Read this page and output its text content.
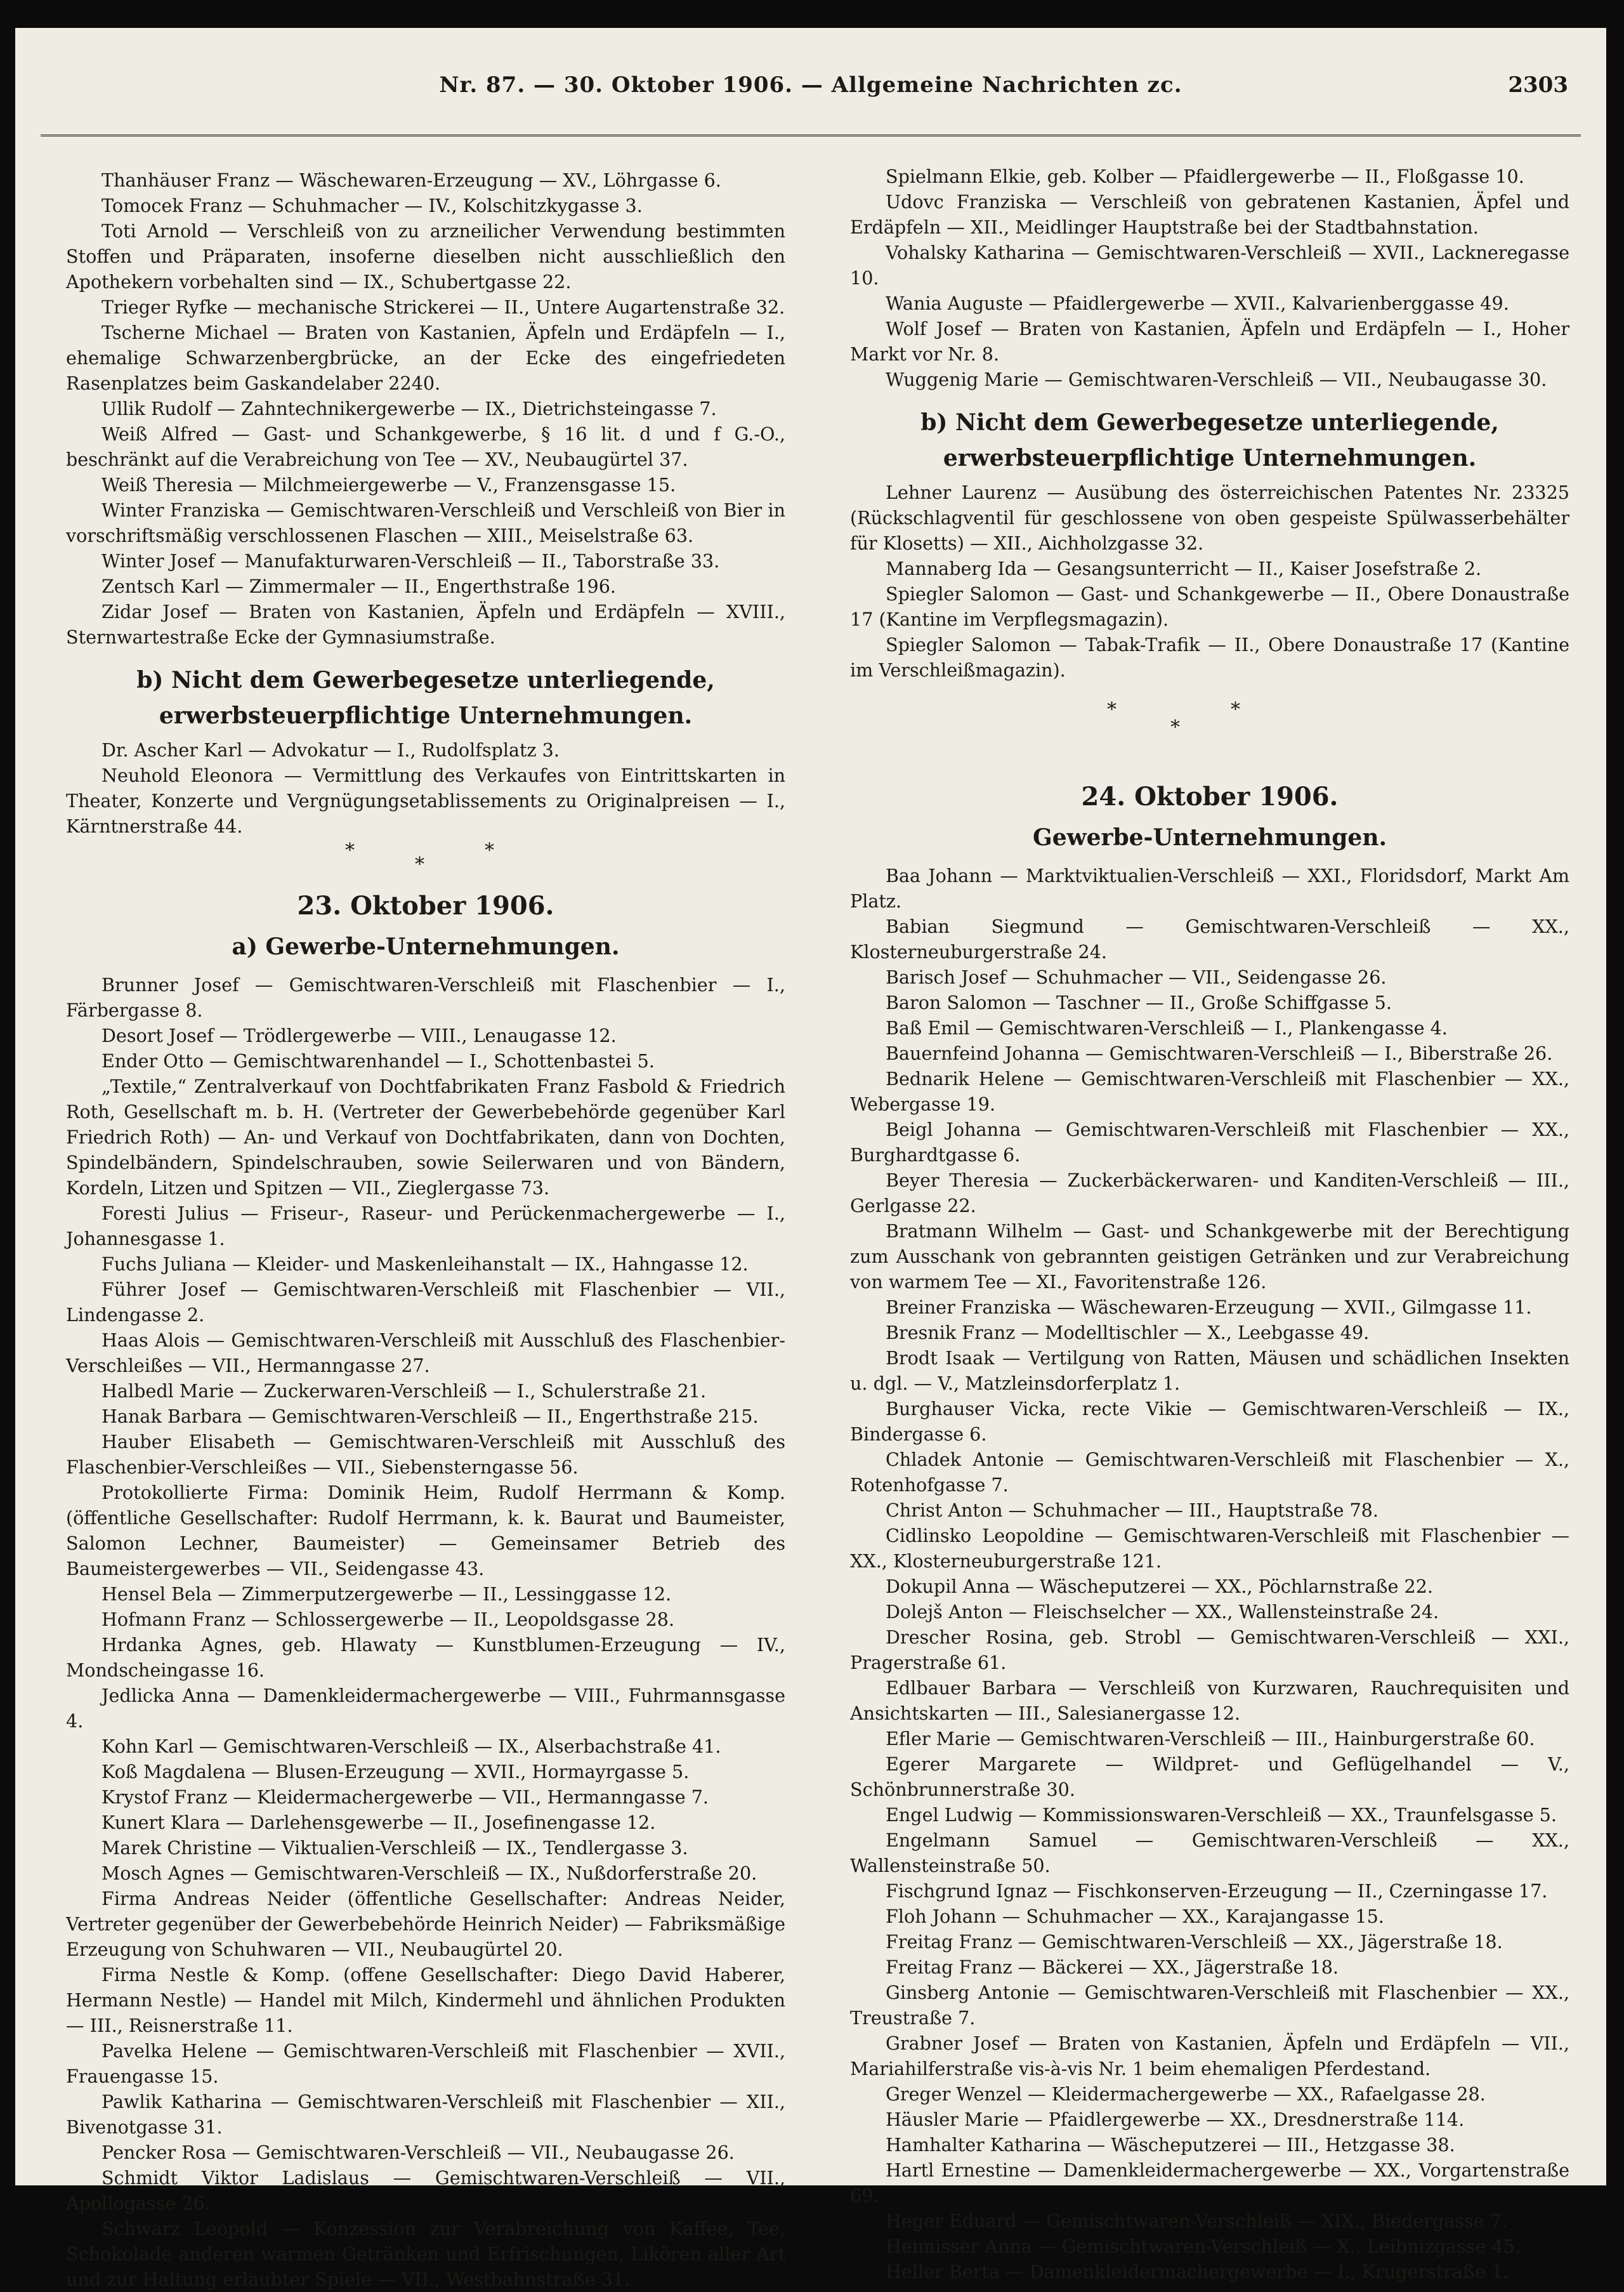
Nr. 87. — 30. Oktober 1906. — Allgemeine Nachrichten zc.	2303

Thanhäuser Franz — Wäschewaren-Erzeugung — XV., Löhrgasse 6.

Tomocek Franz — Schuhmacher — IV., Kolschitzkygasse 3.

Toti Arnold — Verschleiß von zu arzneilicher Verwendung bestimmten Stoffen und Präparaten, insoferne dieselben nicht ausschließlich den Apothekern vorbehalten sind — IX., Schubertgasse 22.

Trieger Ryfke — mechanische Strickerei — II., Untere Augartenstraße 32.

Tscherne Michael — Braten von Kastanien, Äpfeln und Erdäpfeln — I., ehemalige Schwarzenbergbrücke, an der Ecke des eingefriedeten Rasenplatzes beim Gaskandelaber 2240.

Ullik Rudolf — Zahntechnikergewerbe — IX., Dietrichsteingasse 7.

Weiß Alfred — Gast- und Schankgewerbe, § 16 lit. d und f G.-O., beschränkt auf die Verabreichung von Tee — XV., Neubaugürtel 37.

Weiß Theresia — Milchmeiergewerbe — V., Franzensgasse 15.

Winter Franziska — Gemischtwaren-Verschleiß und Verschleiß von Bier in vorschriftsmäßig verschlossenen Flaschen — XIII., Meiselstraße 63.

Winter Josef — Manufakturwaren-Verschleiß — II., Taborstraße 33.

Zentsch Karl — Zimmermaler — II., Engerthstraße 196.

Zidar Josef — Braten von Kastanien, Äpfeln und Erdäpfeln — XVIII., Sternwartestraße Ecke der Gymnasiumstraße.

b) Nicht dem Gewerbegesetze unterliegende, erwerbsteuerpflichtige Unternehmungen.

Dr. Ascher Karl — Advokatur — I., Rudolfsplatz 3.

Neuhold Eleonora — Vermittlung des Verkaufes von Eintrittskarten in Theater, Konzerte und Vergnügungsetablissements zu Originalpreisen — I., Kärntnerstraße 44.

*	*
*
23. Oktober 1906.
a) Gewerbe-Unternehmungen.

Brunner Josef — Gemischtwaren-Verschleiß mit Flaschenbier — I., Färbergasse 8.

Desort Josef — Trödlergewerbe — VIII., Lenaugasse 12.

Ender Otto — Gemischtwarenhandel — I., Schottenbastei 5.

„Textile,“ Zentralverkauf von Dochtfabrikaten Franz Fasbold & Friedrich Roth, Gesellschaft m. b. H. (Vertreter der Gewerbebehörde gegenüber Karl Friedrich Roth) — An- und Verkauf von Dochtfabrikaten, dann von Dochten, Spindelbändern, Spindelschrauben, sowie Seilerwaren und von Bändern, Kordeln, Litzen und Spitzen — VII., Zieglergasse 73.

Foresti Julius — Friseur-, Raseur- und Perückenmachergewerbe — I., Johannesgasse 1.

Fuchs Juliana — Kleider- und Maskenleihanstalt — IX., Hahngasse 12.

Führer Josef — Gemischtwaren-Verschleiß mit Flaschenbier — VII., Lindengasse 2.

Haas Alois — Gemischtwaren-Verschleiß mit Ausschluß des Flaschenbier-Verschleißes — VII., Hermanngasse 27.

Halbedl Marie — Zuckerwaren-Verschleiß — I., Schulerstraße 21.

Hanak Barbara — Gemischtwaren-Verschleiß — II., Engerthstraße 215.

Hauber Elisabeth — Gemischtwaren-Verschleiß mit Ausschluß des Flaschenbier-Verschleißes — VII., Siebensterngasse 56.

Protokollierte Firma: Dominik Heim, Rudolf Herrmann & Komp. (öffentliche Gesellschafter: Rudolf Herrmann, k. k. Baurat und Baumeister, Salomon Lechner, Baumeister) — Gemeinsamer Betrieb des Baumeistergewerbes — VII., Seidengasse 43.

Hensel Bela — Zimmerputzergewerbe — II., Lessinggasse 12.

Hofmann Franz — Schlossergewerbe — II., Leopoldsgasse 28.

Hrdanka Agnes, geb. Hlawaty — Kunstblumen-Erzeugung — IV., Mondscheingasse 16.

Jedlicka Anna — Damenkleidermachergewerbe — VIII., Fuhrmannsgasse 4.

Kohn Karl — Gemischtwaren-Verschleiß — IX., Alserbachstraße 41.

Koß Magdalena — Blusen-Erzeugung — XVII., Hormayrgasse 5.

Krystof Franz — Kleidermachergewerbe — VII., Hermanngasse 7.

Kunert Klara — Darlehensgewerbe — II., Josefinengasse 12.

Marek Christine — Viktualien-Verschleiß — IX., Tendlergasse 3.

Mosch Agnes — Gemischtwaren-Verschleiß — IX., Nußdorferstraße 20.

Firma Andreas Neider (öffentliche Gesellschafter: Andreas Neider, Vertreter gegenüber der Gewerbebehörde Heinrich Neider) — Fabriksmäßige Erzeugung von Schuhwaren — VII., Neubaugürtel 20.

Firma Nestle & Komp. (offene Gesellschafter: Diego David Haberer, Hermann Nestle) — Handel mit Milch, Kindermehl und ähnlichen Produkten — III., Reisnerstraße 11.

Pavelka Helene — Gemischtwaren-Verschleiß mit Flaschenbier — XVII., Frauengasse 15.

Pawlik Katharina — Gemischtwaren-Verschleiß mit Flaschenbier — XII., Bivenotgasse 31.

Pencker Rosa — Gemischtwaren-Verschleiß — VII., Neubaugasse 26.

Schmidt Viktor Ladislaus — Gemischtwaren-Verschleiß — VII., Apollogasse 26.

Schwarz Leopold — Konzession zur Verabreichung von Kaffee, Tee, Schokolade anderen warmen Getränken und Erfrischungen, Likören aller Art und zur Haltung erlaubter Spiele — VII., Westbahnstraße 31.

Spielmann Elkie, geb. Kolber — Pfaidlergewerbe — II., Floßgasse 10.

Udovc Franziska — Verschleiß von gebratenen Kastanien, Äpfel und Erdäpfeln — XII., Meidlinger Hauptstraße bei der Stadtbahnstation.

Vohalsky Katharina — Gemischtwaren-Verschleiß — XVII., Lackneregasse 10.

Wania Auguste — Pfaidlergewerbe — XVII., Kalvarienberggasse 49.

Wolf Josef — Braten von Kastanien, Äpfeln und Erdäpfeln — I., Hoher Markt vor Nr. 8.

Wuggenig Marie — Gemischtwaren-Verschleiß — VII., Neubaugasse 30.

b) Nicht dem Gewerbegesetze unterliegende, erwerbsteuerpflichtige Unternehmungen.

Lehner Laurenz — Ausübung des österreichischen Patentes Nr. 23325 (Rückschlagventil für geschlossene von oben gespeiste Spülwasserbehälter für Klosetts) — XII., Aichholzgasse 32.

Mannaberg Ida — Gesangsunterricht — II., Kaiser Josefstraße 2.

Spiegler Salomon — Gast- und Schankgewerbe — II., Obere Donaustraße 17 (Kantine im Verpflegsmagazin).

Spiegler Salomon — Tabak-Trafik — II., Obere Donaustraße 17 (Kantine im Verschleißmagazin).

*	*
*
24. Oktober 1906.
Gewerbe-Unternehmungen.

Baa Johann — Marktviktualien-Verschleiß — XXI., Floridsdorf, Markt Am Platz.

Babian Siegmund — Gemischtwaren-Verschleiß — XX., Klosterneuburgerstraße 24.

Barisch Josef — Schuhmacher — VII., Seidengasse 26.

Baron Salomon — Taschner — II., Große Schiffgasse 5.

Baß Emil — Gemischtwaren-Verschleiß — I., Plankengasse 4.

Bauernfeind Johanna — Gemischtwaren-Verschleiß — I., Biberstraße 26.

Bednarik Helene — Gemischtwaren-Verschleiß mit Flaschenbier — XX., Webergasse 19.

Beigl Johanna — Gemischtwaren-Verschleiß mit Flaschenbier — XX., Burghardtgasse 6.

Beyer Theresia — Zuckerbäckerwaren- und Kanditen-Verschleiß — III., Gerlgasse 22.

Bratmann Wilhelm — Gast- und Schankgewerbe mit der Berechtigung zum Ausschank von gebrannten geistigen Getränken und zur Verabreichung von warmem Tee — XI., Favoritenstraße 126.

Breiner Franziska — Wäschewaren-Erzeugung — XVII., Gilmgasse 11.

Bresnik Franz — Modelltischler — X., Leebgasse 49.

Brodt Isaak — Vertilgung von Ratten, Mäusen und schädlichen Insekten u. dgl. — V., Matzleinsdorferplatz 1.

Burghauser Vicka, recte Vikie — Gemischtwaren-Verschleiß — IX., Bindergasse 6.

Chladek Antonie — Gemischtwaren-Verschleiß mit Flaschenbier — X., Rotenhofgasse 7.

Christ Anton — Schuhmacher — III., Hauptstraße 78.

Cidlinsko Leopoldine — Gemischtwaren-Verschleiß mit Flaschenbier — XX., Klosterneuburgerstraße 121.

Dokupil Anna — Wäscheputzerei — XX., Pöchlarnstraße 22.

Dolejš Anton — Fleischselcher — XX., Wallensteinstraße 24.

Drescher Rosina, geb. Strobl — Gemischtwaren-Verschleiß — XXI., Pragerstraße 61.

Edlbauer Barbara — Verschleiß von Kurzwaren, Rauchrequisiten und Ansichtskarten — III., Salesianergasse 12.

Efler Marie — Gemischtwaren-Verschleiß — III., Hainburgerstraße 60.

Egerer Margarete — Wildpret- und Geflügelhandel — V., Schönbrunnerstraße 30.

Engel Ludwig — Kommissionswaren-Verschleiß — XX., Traunfelsgasse 5.

Engelmann Samuel — Gemischtwaren-Verschleiß — XX., Wallensteinstraße 50.

Fischgrund Ignaz — Fischkonserven-Erzeugung — II., Czerningasse 17.

Floh Johann — Schuhmacher — XX., Karajangasse 15.

Freitag Franz — Gemischtwaren-Verschleiß — XX., Jägerstraße 18.

Freitag Franz — Bäckerei — XX., Jägerstraße 18.

Ginsberg Antonie — Gemischtwaren-Verschleiß mit Flaschenbier — XX., Treustraße 7.

Grabner Josef — Braten von Kastanien, Äpfeln und Erdäpfeln — VII., Mariahilferstraße vis-à-vis Nr. 1 beim ehemaligen Pferdestand.

Greger Wenzel — Kleidermachergewerbe — XX., Rafaelgasse 28.

Häusler Marie — Pfaidlergewerbe — XX., Dresdnerstraße 114.

Hamhalter Katharina — Wäscheputzerei — III., Hetzgasse 38.

Hartl Ernestine — Damenkleidermachergewerbe — XX., Vorgartenstraße 69.

Heger Eduard — Gemischtwaren-Verschleiß — XIX., Biedergasse 7.

Heimisser Anna — Gemischtwaren-Verschleiß — X., Leibnizgasse 45.

Heller Berta — Damenkleidermachergewerbe — I., Krugerstraße 1.
